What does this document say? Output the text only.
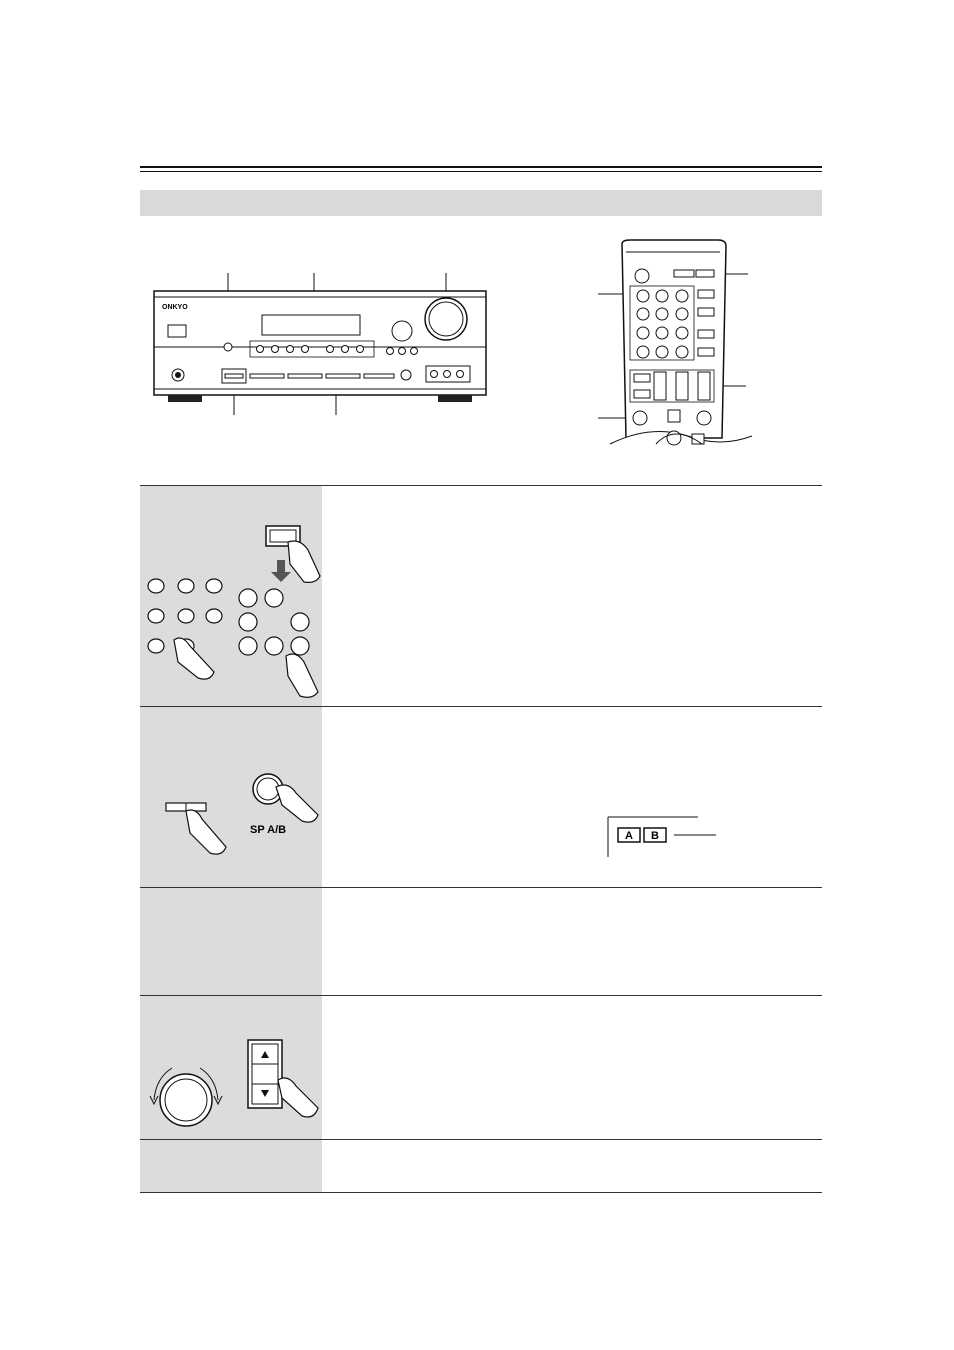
ONKYO
SP A/B	A B
